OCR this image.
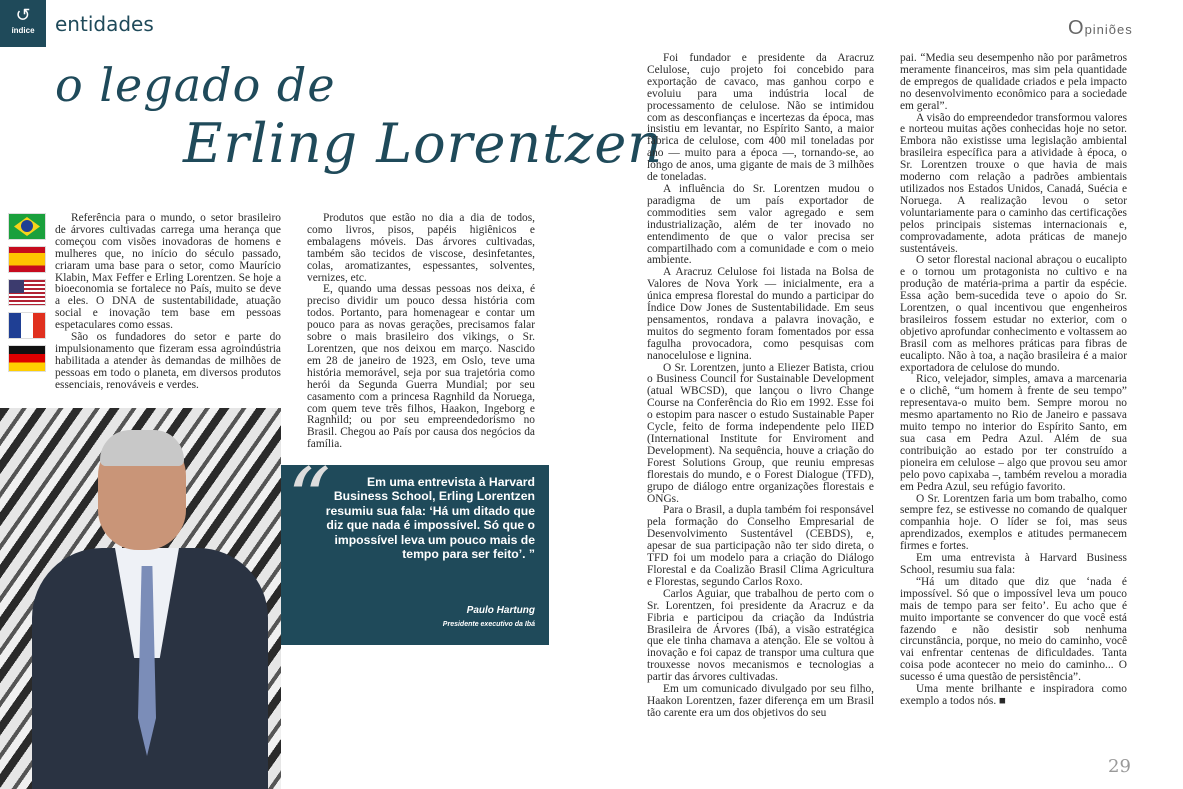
↺
índice	entidades	Opiniões
o legado de
Erling Lorentzen

Referência para o mundo, o setor brasileiro de árvores cultivadas carrega uma herança que começou com visões inovadoras de homens e mulheres que, no início do século passado, criaram uma base para o setor, como Maurício Klabin, Max Feffer e Erling Lorentzen. Se hoje a bioeconomia se fortalece no País, muito se deve a eles. O DNA de sustentabilidade, atuação social e inovação tem base em pessoas espetaculares como essas.

São os fundadores do setor e parte do impulsionamento que fizeram essa agroindústria habilitada a atender às demandas de milhões de pessoas em todo o planeta, em diversos produtos essenciais, renováveis e verdes.

Produtos que estão no dia a dia de todos, como livros, pisos, papéis higiênicos e embalagens móveis. Das árvores cultivadas, também são tecidos de viscose, desinfetantes, colas, aromatizantes, espessantes, solventes, vernizes, etc.

E, quando uma dessas pessoas nos deixa, é preciso dividir um pouco dessa história com todos. Portanto, para homenagear e contar um pouco para as novas gerações, precisamos falar sobre o mais brasileiro dos vikings, o Sr. Lorentzen, que nos deixou em março. Nascido em 28 de janeiro de 1923, em Oslo, teve uma história memorável, seja por sua trajetória como herói da Segunda Guerra Mundial; por seu casamento com a princesa Ragnhild da Noruega, com quem teve três filhos, Haakon, Ingeborg e Ragnhild; ou por seu empreendedorismo no Brasil. Chegou ao País por causa dos negócios da família.

“	Em uma entrevista à Harvard Business School, Erling Lorentzen resumiu sua fala: ‘Há um ditado que diz que nada é impossível. Só que o impossível leva um pouco mais de tempo para ser feito’. ”
Paulo Hartung
Presidente executivo da Ibá

Foi fundador e presidente da Aracruz Celulose, cujo projeto foi concebido para exportação de cavaco, mas ganhou corpo e evoluiu para uma indústria local de processamento de celulose. Não se intimidou com as desconfianças e incertezas da época, mas insistiu em levantar, no Espírito Santo, a maior fábrica de celulose, com 400 mil toneladas por ano — muito para a época —, tornando-se, ao longo de anos, uma gigante de mais de 3 milhões de toneladas.

A influência do Sr. Lorentzen mudou o paradigma de um país exportador de commodities sem valor agregado e sem industrialização, além de ter inovado no entendimento de que o valor precisa ser compartilhado com a comunidade e com o meio ambiente.

A Aracruz Celulose foi listada na Bolsa de Valores de Nova York — inicialmente, era a única empresa florestal do mundo a participar do Índice Dow Jones de Sustentabilidade. Em seus pensamentos, rondava a palavra inovação, e muitos do segmento foram fomentados por essa fagulha provocadora, como pesquisas com nanocelulose e lignina.

O Sr. Lorentzen, junto a Eliezer Batista, criou o Business Council for Sustainable Development (atual WBCSD), que lançou o livro Change Course na Conferência do Rio em 1992. Esse foi o estopim para nascer o estudo Sustainable Paper Cycle, feito de forma independente pelo IIED (International Institute for Enviroment and Development). Na sequência, houve a criação do Forest Solutions Group, que reuniu empresas florestais do mundo, e o Forest Dialogue (TFD), grupo de diálogo entre organizações florestais e ONGs.

Para o Brasil, a dupla também foi responsável pela formação do Conselho Empresarial de Desenvolvimento Sustentável (CEBDS), e, apesar de sua participação não ter sido direta, o TFD foi um modelo para a criação do Diálogo Florestal e da Coalizão Brasil Clima Agricultura e Florestas, segundo Carlos Roxo.

Carlos Aguiar, que trabalhou de perto com o Sr. Lorentzen, foi presidente da Aracruz e da Fibria e participou da criação da Indústria Brasileira de Árvores (Ibá), a visão estratégica que ele tinha chamava a atenção. Ele se voltou à inovação e foi capaz de transpor uma cultura que trouxesse novos mecanismos e tecnologias a partir das árvores cultivadas.

Em um comunicado divulgado por seu filho, Haakon Lorentzen, fazer diferença em um Brasil tão carente era um dos objetivos do seu

pai. “Media seu desempenho não por parâmetros meramente financeiros, mas sim pela quantidade de empregos de qualidade criados e pela impacto no desenvolvimento econômico para a sociedade em geral”.

A visão do empreendedor transformou valores e norteou muitas ações conhecidas hoje no setor. Embora não existisse uma legislação ambiental brasileira específica para a atividade à época, o Sr. Lorentzen trouxe o que havia de mais moderno com relação a padrões ambientais utilizados nos Estados Unidos, Canadá, Suécia e Noruega. A realização levou o setor voluntariamente para o caminho das certificações pelos principais sistemas internacionais e, comprovadamente, adota práticas de manejo sustentáveis.

O setor florestal nacional abraçou o eucalipto e o tornou um protagonista no cultivo e na produção de matéria-prima a partir da espécie. Essa ação bem-sucedida teve o apoio do Sr. Lorentzen, o qual incentivou que engenheiros brasileiros fossem estudar no exterior, com o objetivo aprofundar conhecimento e voltassem ao Brasil com as melhores práticas para fibras de eucalipto. Não à toa, a nação brasileira é a maior exportadora de celulose do mundo.

Rico, velejador, simples, amava a marcenaria e o clichê, “um homem à frente de seu tempo” representava-o muito bem. Sempre morou no mesmo apartamento no Rio de Janeiro e passava muito tempo no interior do Espírito Santo, em sua casa em Pedra Azul. Além de sua contribuição ao estado por ter construído a pioneira em celulose – algo que provou seu amor pelo povo capixaba –, também revelou a moradia em Pedra Azul, seu refúgio favorito.

O Sr. Lorentzen faria um bom trabalho, como sempre fez, se estivesse no comando de qualquer companhia hoje. O líder se foi, mas seus aprendizados, exemplos e atitudes permanecem firmes e fortes.

Em uma entrevista à Harvard Business School, resumiu sua fala:

“Há um ditado que diz que ‘nada é impossível. Só que o impossível leva um pouco mais de tempo para ser feito’. Eu acho que é muito importante se convencer do que você está fazendo e não desistir sob nenhuma circunstância, porque, no meio do caminho, você vai enfrentar centenas de dificuldades. Tanta coisa pode acontecer no meio do caminho... O sucesso é uma questão de persistência”.

Uma mente brilhante e inspiradora como exemplo a todos nós. ■

29
